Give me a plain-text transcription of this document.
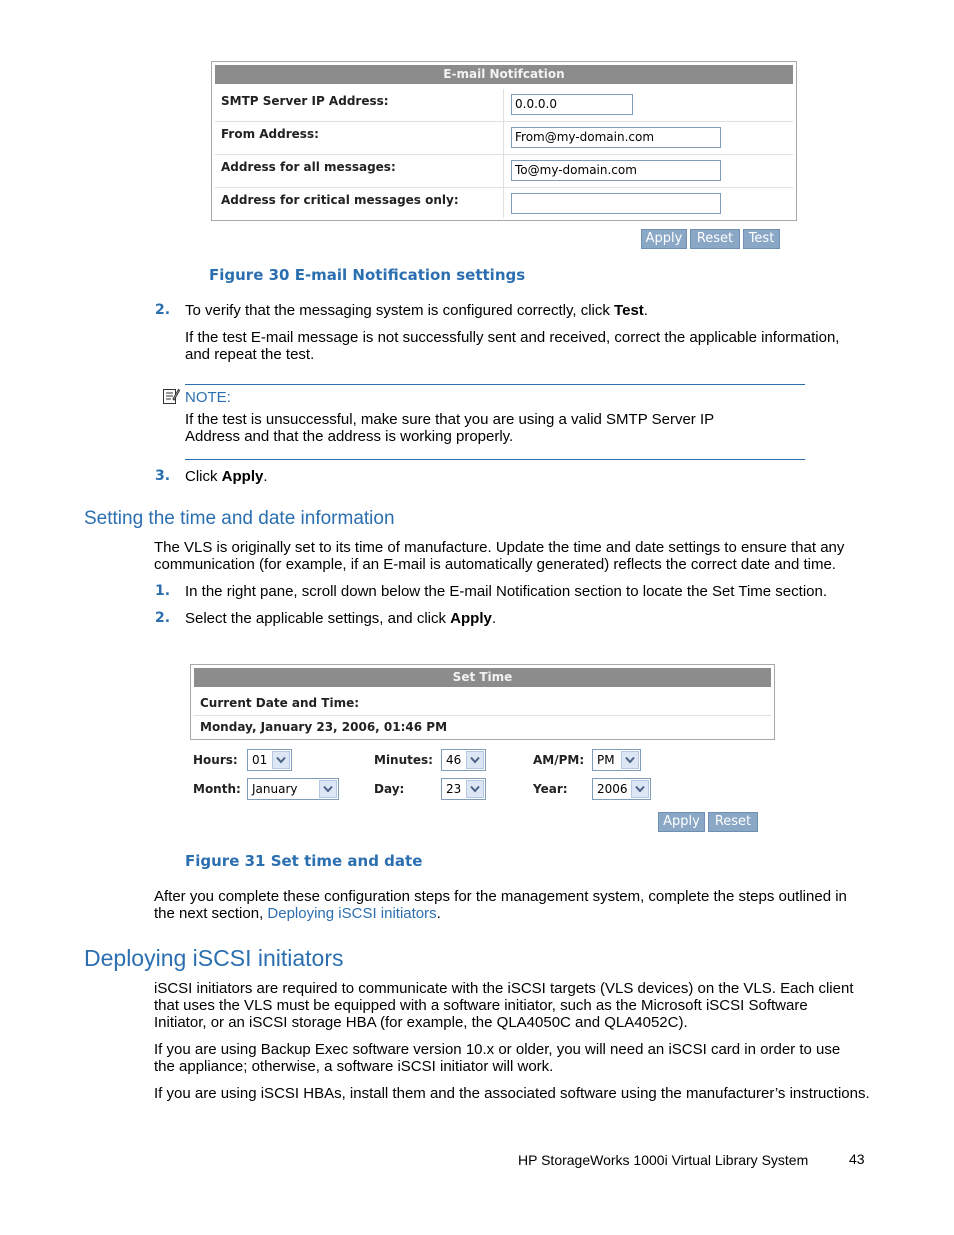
E-mail Notifcation
SMTP Server IP Address:	0.0.0.0
From Address:	From@my-domain.com
Address for all messages:	To@my-domain.com
Address for critical messages only:
Apply	Reset	Test
Figure 30 E-mail Notification settings
2. To verify that the messaging system is configured correctly, click Test.
If the test E-mail message is not successfully sent and received, correct the applicable information, and repeat the test.
NOTE:
If the test is unsuccessful, make sure that you are using a valid SMTP Server IP Address and that the address is working properly.
3. Click Apply.
Setting the time and date information
The VLS is originally set to its time of manufacture. Update the time and date settings to ensure that any communication (for example, if an E-mail is automatically generated) reflects the correct date and time.
1. In the right pane, scroll down below the E-mail Notification section to locate the Set Time section.
2. Select the applicable settings, and click Apply.
Set Time
Current Date and Time:
Monday, January 23, 2006, 01:46 PM
Hours: 01	Minutes: 46	AM/PM: PM
Month: January	Day:	23	Year: 2006
Apply	Reset
Figure 31 Set time and date
After you complete these configuration steps for the management system, complete the steps outlined in the next section, Deploying iSCSI initiators.
Deploying iSCSI initiators
iSCSI initiators are required to communicate with the iSCSI targets (VLS devices) on the VLS. Each client that uses the VLS must be equipped with a software initiator, such as the Microsoft iSCSI Software Initiator, or an iSCSI storage HBA (for example, the QLA4050C and QLA4052C).
If you are using Backup Exec software version 10.x or older, you will need an iSCSI card in order to use the appliance; otherwise, a software iSCSI initiator will work.
If you are using iSCSI HBAs, install them and the associated software using the manufacturer’s instructions.
HP StorageWorks 1000i Virtual Library System	43
